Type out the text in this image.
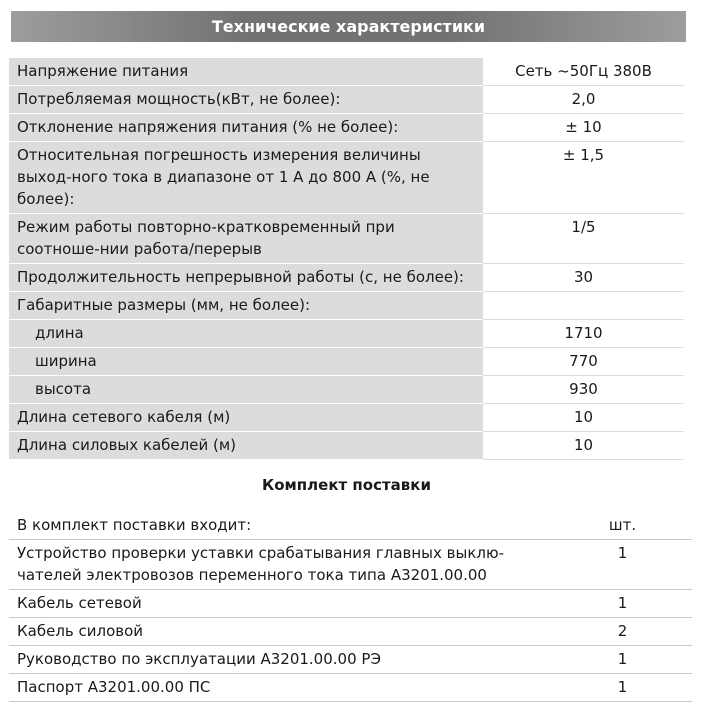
Технические характеристики
Напряжение питания	Сеть ~50Гц 380В
Потребляемая мощность(кВт, не более):	2,0
Отклонение напряжения питания (% не более):	± 10
Относительная погрешность измерения величины выход-ного тока в диапазоне от 1 А до 800 А (%, не более):	± 1,5
Режим работы повторно-кратковременный при соотноше-нии работа/перерыв	1/5
Продолжительность непрерывной работы (с, не более):	30
Габаритные размеры (мм, не более):	
длина	1710
ширина	770
высота	930
Длина сетевого кабеля (м)	10
Длина силовых кабелей (м)	10
Комплект поставки
В комплект поставки входит:	шт.
Устройство проверки уставки срабатывания главных выклю-чателей электровозов переменного тока типа А3201.00.00	1
Кабель сетевой	1
Кабель силовой	2
Руководство по эксплуатации А3201.00.00 РЭ	1
Паспорт А3201.00.00 ПС	1
